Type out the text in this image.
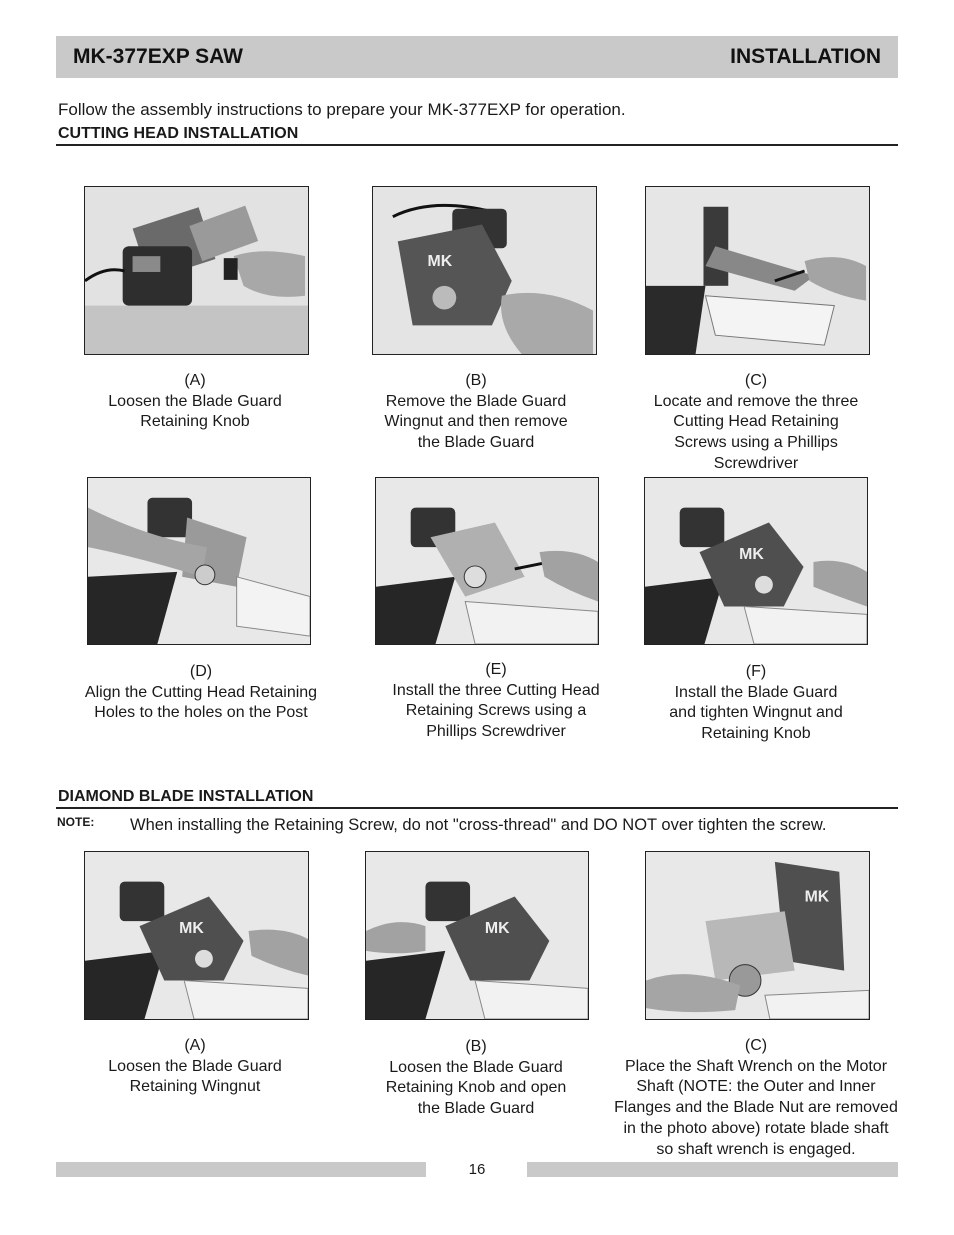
MK-377EXP SAW	INSTALLATION
Follow the assembly instructions to prepare your MK-377EXP for operation.
CUTTING HEAD INSTALLATION
MK
(A)
Loosen the Blade Guard
Retaining Knob
(B)
Remove the Blade Guard
Wingnut and then remove
the Blade Guard
(C)
Locate and remove the three
Cutting Head Retaining
Screws using a Phillips
Screwdriver
MK
(D)
Align the Cutting Head Retaining
Holes to the holes on the Post
(E)
Install the three Cutting Head
Retaining Screws using a
Phillips Screwdriver
(F)
Install the Blade Guard
and tighten Wingnut and
Retaining Knob
DIAMOND BLADE INSTALLATION
NOTE: When installing the Retaining Screw, do not "cross-thread" and DO NOT over tighten the screw.
MK	MK
MK
(A)
Loosen the Blade Guard
Retaining Wingnut
(B)
Loosen the Blade Guard
Retaining Knob and open
the Blade Guard
(C)
Place the Shaft Wrench on the Motor
Shaft (NOTE: the Outer and Inner
Flanges and the Blade Nut are removed
in the photo above) rotate blade shaft
so shaft wrench is engaged.
16
